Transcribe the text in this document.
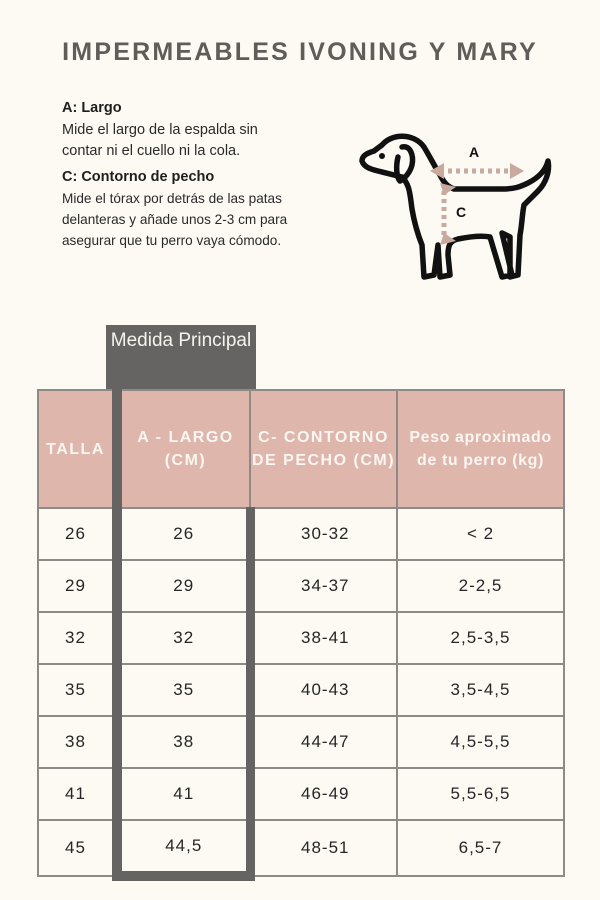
IMPERMEABLES IVONING Y MARY
A: Largo
Mide el largo de la espalda sin contar ni el cuello ni la cola.
C: Contorno de pecho
Mide el tórax por detrás de las patas delanteras y añade unos 2-3 cm para asegurar que tu perro vaya cómodo.
A
C
Medida Principal
TALLA	A - LARGO (CM)	C- CONTORNO DE PECHO (CM)	Peso aproximado de tu perro (kg)
26	26	30-32	< 2
29	29	34-37	2-2,5
32	32	38-41	2,5-3,5
35	35	40-43	3,5-4,5
38	38	44-47	4,5-5,5
41	41	46-49	5,5-6,5
45	44,5	48-51	6,5-7
